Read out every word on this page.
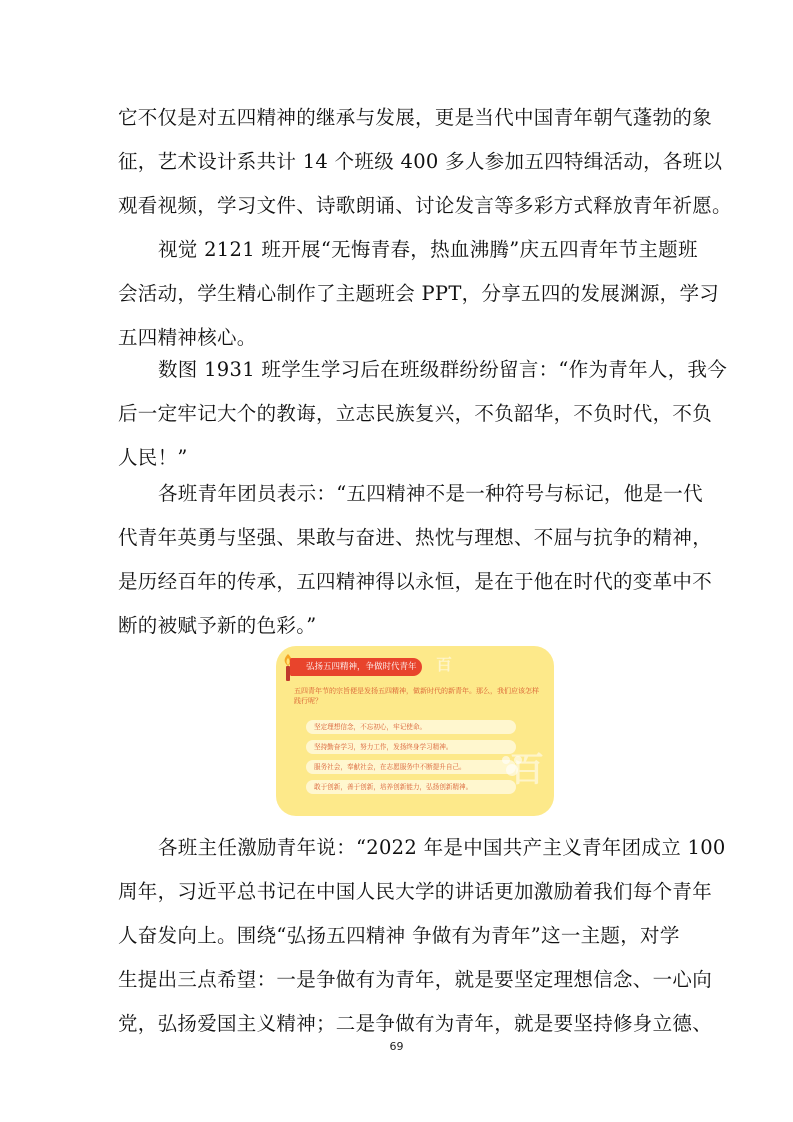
它不仅是对五四精神的继承与发展，更是当代中国青年朝气蓬勃的象
征，艺术设计系共计 14 个班级 400 多人参加五四特缉活动，各班以
观看视频，学习文件、诗歌朗诵、讨论发言等多彩方式释放青年祈愿。
视觉 2121 班开展“无悔青春，热血沸腾”庆五四青年节主题班
会活动，学生精心制作了主题班会 PPT，分享五四的发展渊源，学习
五四精神核心。
数图 1931 班学生学习后在班级群纷纷留言：“作为青年人，我今
后一定牢记大个的教诲，立志民族复兴，不负韶华，不负时代，不负
人民！”
各班青年团员表示：“五四精神不是一种符号与标记，他是一代
代青年英勇与坚强、果敢与奋进、热忱与理想、不屈与抗争的精神，
是历经百年的传承，五四精神得以永恒，是在于他在时代的变革中不
断的被赋予新的色彩。”
弘扬五四精神，争做时代青年	百
五四青年节的宗旨便是发扬五四精神，做新时代的新青年。那么，我们应该怎样践行呢？
坚定理想信念，不忘初心，牢记使命。
坚持勤奋学习，努力工作，发扬终身学习精神。
服务社会，奉献社会，在志愿服务中不断提升自己。
敢于创新，善于创新，培养创新能力，弘扬创新精神。	百
各班主任激励青年说：“2022 年是中国共产主义青年团成立 100
周年，习近平总书记在中国人民大学的讲话更加激励着我们每个青年
人奋发向上。围绕“弘扬五四精神 争做有为青年”这一主题，对学
生提出三点希望：一是争做有为青年，就是要坚定理想信念、一心向
党，弘扬爱国主义精神；二是争做有为青年，就是要坚持修身立德、
69
